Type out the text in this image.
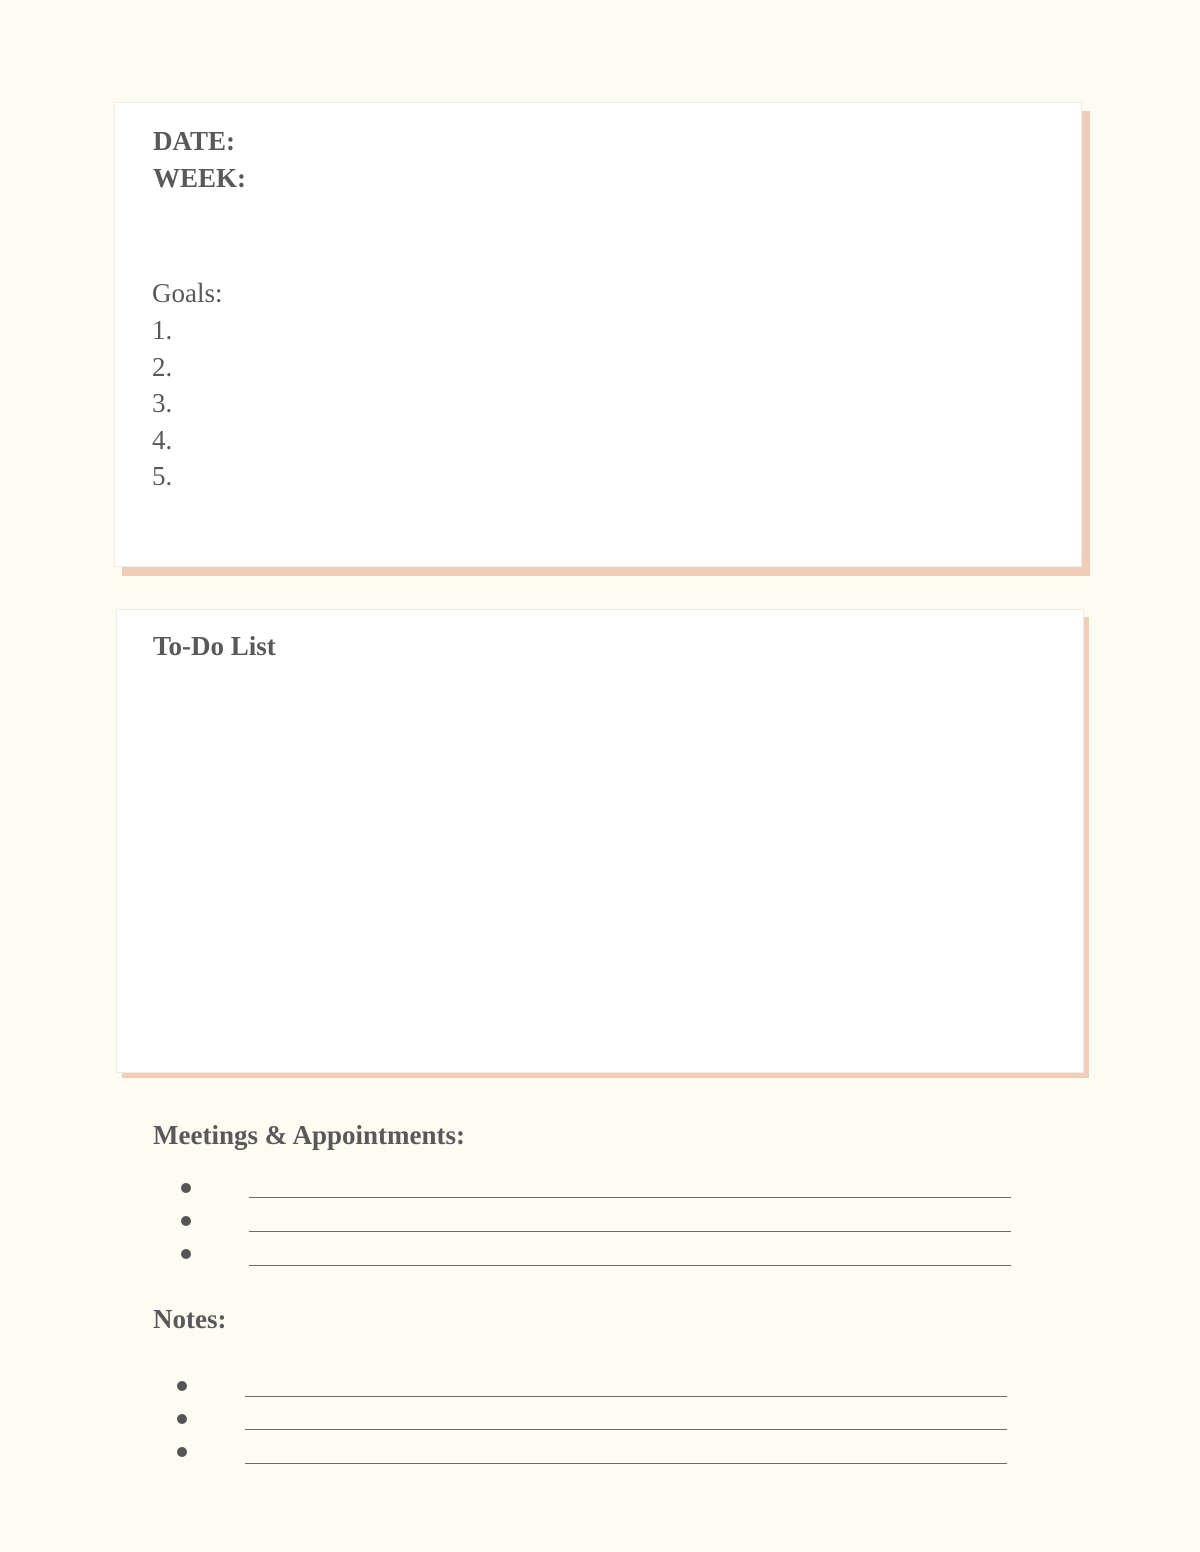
DATE:
WEEK:
Goals:
1.
2.
3.
4.
5.
To-Do List
Meetings & Appointments:
Notes:
